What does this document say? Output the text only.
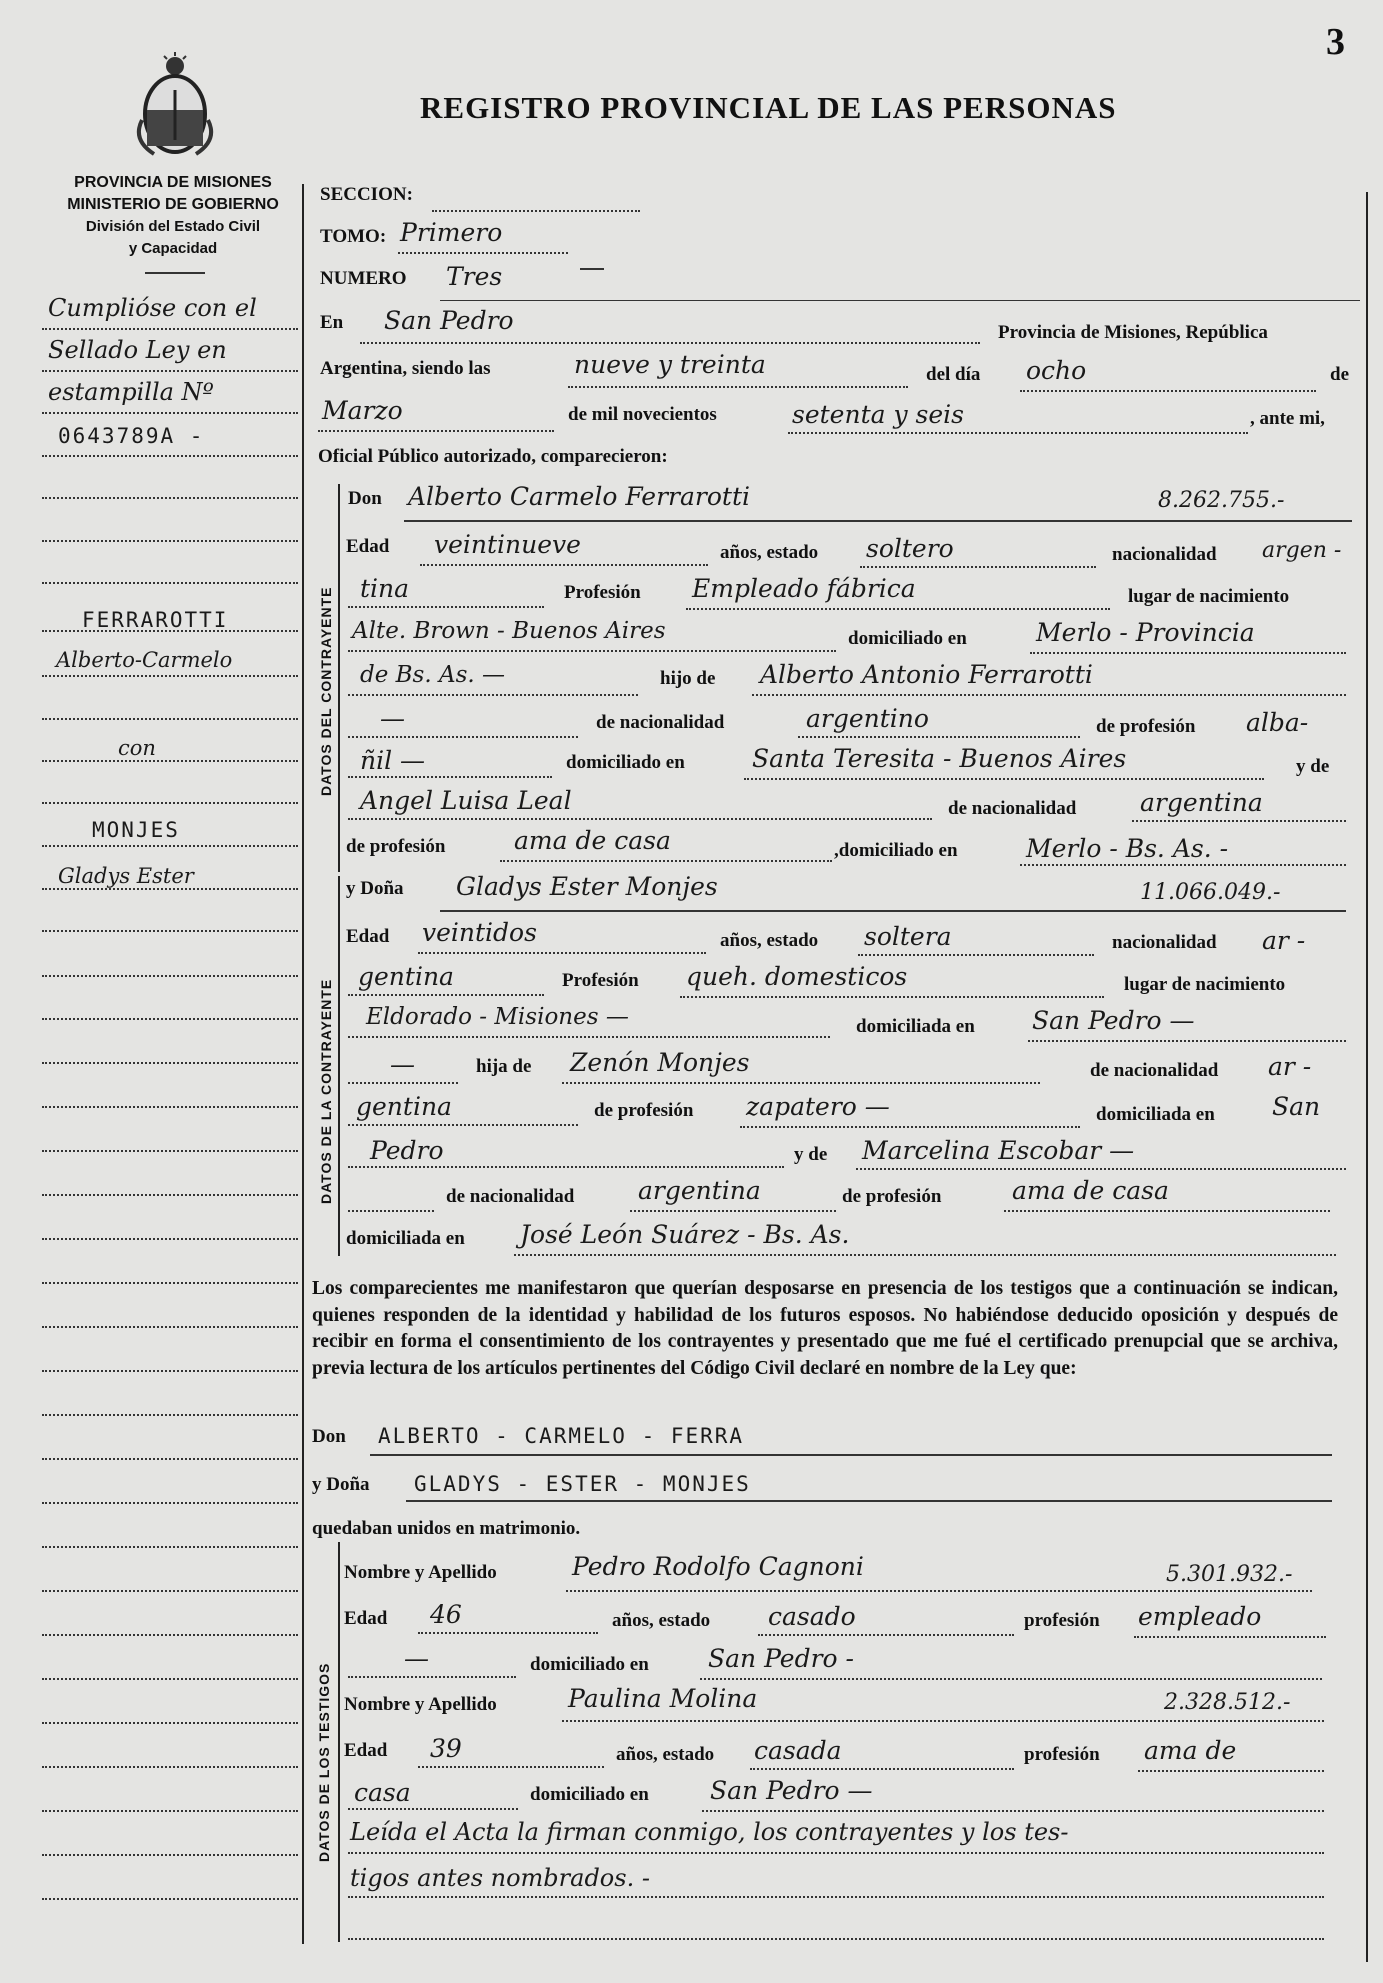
3
REGISTRO PROVINCIAL DE LAS PERSONAS
PROVINCIA DE MISIONES
MINISTERIO DE GOBIERNO
División del Estado Civil
y Capacidad
Cumplióse con el
Sellado Ley en
estampilla Nº
0643789A -
FERRAROTTI
Alberto-Carmelo
con
MONJES
Gladys Ester
SECCION:
TOMO: Primero
NUMERO Tres
En San Pedro	Provincia de Misiones, República
Argentina, siendo las	nueve y treinta	del día ocho	de
Marzo	de mil novecientos	setenta y seis	, ante mi,
Oficial Público autorizado, comparecieron:
DATOS DEL CONTRAYENTE
Don Alberto Carmelo Ferrarotti	8.262.755.-
Edad veintinueve	años, estado soltero	nacionalidad argen -
tina	Profesión Empleado fábrica	lugar de nacimiento
Alte. Brown - Buenos Aires	domiciliado en	Merlo - Provincia
de Bs. As. —	hijo de Alberto Antonio Ferrarotti
—	de nacionalidad	argentino	de profesión alba-
ñil —	domiciliado en	Santa Teresita - Buenos Aires	y de
Angel Luisa Leal	de nacionalidad	argentina
de profesión	ama de casa	,domiciliado en	Merlo - Bs. As. -
DATOS DE LA CONTRAYENTE
y Doña Gladys Ester Monjes	11.066.049.-
Edad veintidos	años, estado soltera	nacionalidad ar -
gentina	Profesión queh. domesticos	lugar de nacimiento
Eldorado - Misiones —	domiciliada en San Pedro —
—	hija de Zenón Monjes	de nacionalidad ar -
gentina	de profesión zapatero —	domiciliada en San
Pedro	y de Marcelina Escobar —
de nacionalidad	argentina	de profesión	ama de casa
domiciliada en José León Suárez - Bs. As.
Los comparecientes me manifestaron que querían desposarse en presencia de los testigos que a continuación se indican, quienes responden de la identidad y habilidad de los futuros esposos. No habiéndose deducido oposición y después de recibir en forma el consentimiento de los contrayentes y presentado que me fué el certificado prenupcial que se archiva, previa lectura de los artículos pertinentes del Código Civil declaré en nombre de la Ley que:
Don ALBERTO - CARMELO - FERRA
y Doña GLADYS - ESTER - MONJES
quedaban unidos en matrimonio.
DATOS DE LOS TESTIGOS
Nombre y Apellido	Pedro Rodolfo Cagnoni	5.301.932.-
Edad 46	años, estado casado	profesión empleado
—	domiciliado en San Pedro -
Nombre y Apellido	Paulina Molina	2.328.512.-
Edad 39	años, estado casada	profesión ama de
casa	domiciliado en San Pedro —
Leída el Acta la firman conmigo, los contrayentes y los tes-
tigos antes nombrados. -
